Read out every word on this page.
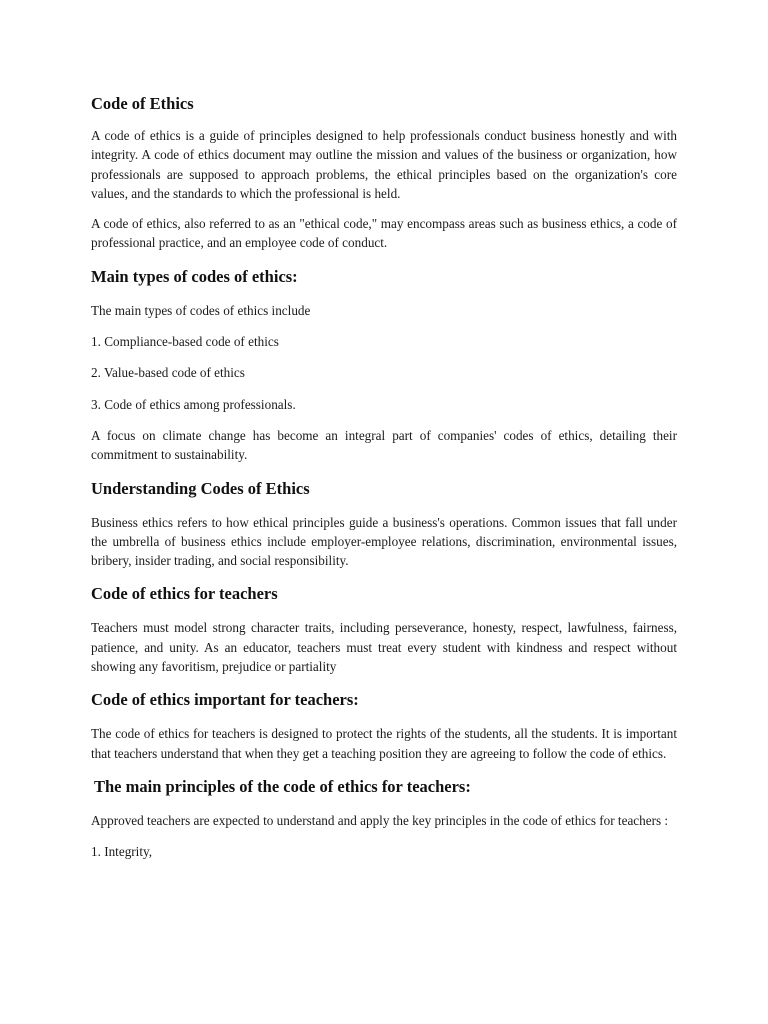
Code of Ethics

A code of ethics is a guide of principles designed to help professionals conduct business honestly and with integrity. A code of ethics document may outline the mission and values of the business or organization, how professionals are supposed to approach problems, the ethical principles based on the organization's core values, and the standards to which the professional is held.

A code of ethics, also referred to as an "ethical code," may encompass areas such as business ethics, a code of professional practice, and an employee code of conduct.

Main types of codes of ethics:

The main types of codes of ethics include

1. Compliance-based code of ethics

2. Value-based code of ethics

3. Code of ethics among professionals.

A focus on climate change has become an integral part of companies' codes of ethics, detailing their commitment to sustainability.

Understanding Codes of Ethics

Business ethics refers to how ethical principles guide a business's operations. Common issues that fall under the umbrella of business ethics include employer-employee relations, discrimination, environmental issues, bribery, insider trading, and social responsibility.

Code of ethics for teachers

Teachers must model strong character traits, including perseverance, honesty, respect, lawfulness, fairness, patience, and unity. As an educator, teachers must treat every student with kindness and respect without showing any favoritism, prejudice or partiality

Code of ethics important for teachers:

The code of ethics for teachers is designed to protect the rights of the students, all the students. It is important that teachers understand that when they get a teaching position they are agreeing to follow the code of ethics.

The main principles of the code of ethics for teachers:

Approved teachers are expected to understand and apply the key principles in the code of ethics for teachers :

1. Integrity,
